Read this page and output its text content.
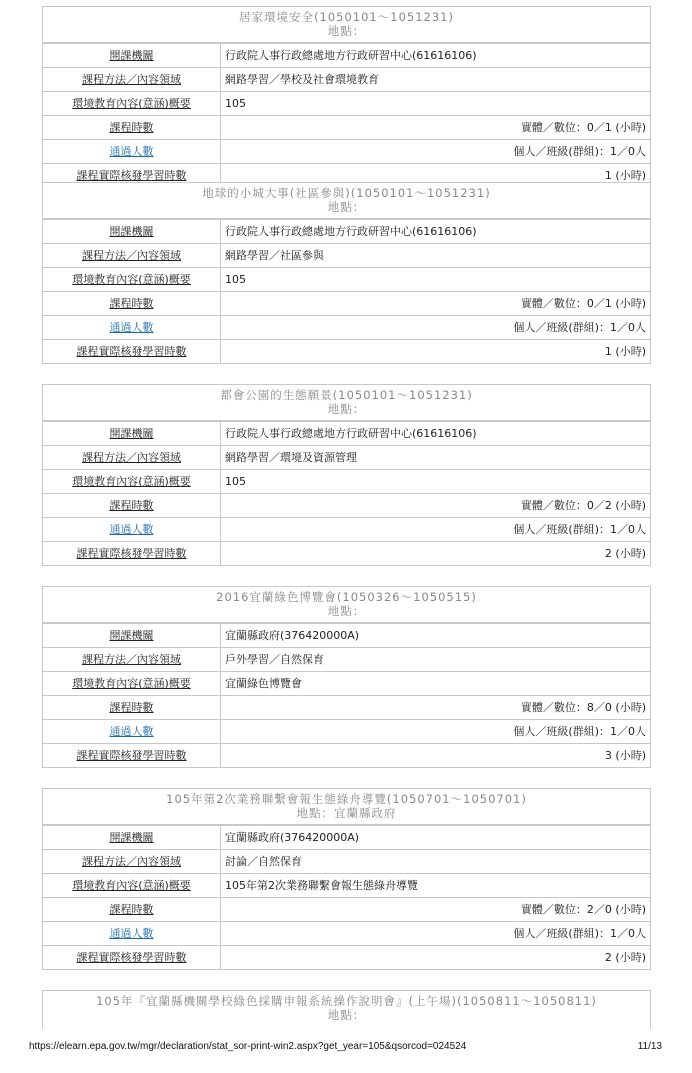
居家環境安全(1050101～1051231)
地點：
開課機關	行政院人事行政總處地方行政研習中心(61616106)
課程方法／內容領域	網路學習／學校及社會環境教育
環境教育內容(意涵)概要	105
課程時數	實體／數位：0／1 (小時)
通過人數	個人／班級(群組)：1／0人
課程實際核發學習時數	1 (小時)
地球的小城大事(社區參與)(1050101～1051231)
地點：
開課機關	行政院人事行政總處地方行政研習中心(61616106)
課程方法／內容領域	網路學習／社區參與
環境教育內容(意涵)概要	105
課程時數	實體／數位：0／1 (小時)
通過人數	個人／班級(群組)：1／0人
課程實際核發學習時數	1 (小時)
都會公園的生態願景(1050101～1051231)
地點：
開課機關	行政院人事行政總處地方行政研習中心(61616106)
課程方法／內容領域	網路學習／環境及資源管理
環境教育內容(意涵)概要	105
課程時數	實體／數位：0／2 (小時)
通過人數	個人／班級(群組)：1／0人
課程實際核發學習時數	2 (小時)
2016宜蘭綠色博覽會(1050326～1050515)
地點：
開課機關	宜蘭縣政府(376420000A)
課程方法／內容領域	戶外學習／自然保育
環境教育內容(意涵)概要	宜蘭綠色博覽會
課程時數	實體／數位：8／0 (小時)
通過人數	個人／班級(群組)：1／0人
課程實際核發學習時數	3 (小時)
105年第2次業務聯繫會報生態綠舟導覽(1050701～1050701)
地點：宜蘭縣政府
開課機關	宜蘭縣政府(376420000A)
課程方法／內容領域	討論／自然保育
環境教育內容(意涵)概要	105年第2次業務聯繫會報生態綠舟導覽
課程時數	實體／數位：2／0 (小時)
通過人數	個人／班級(群組)：1／0人
課程實際核發學習時數	2 (小時)
105年『宜蘭縣機關學校綠色採購申報系統操作說明會』(上午場)(1050811～1050811)
地點：
https://elearn.epa.gov.tw/mgr/declaration/stat_sor-print-win2.aspx?get_year=105&qsorcod=024524	11/13
